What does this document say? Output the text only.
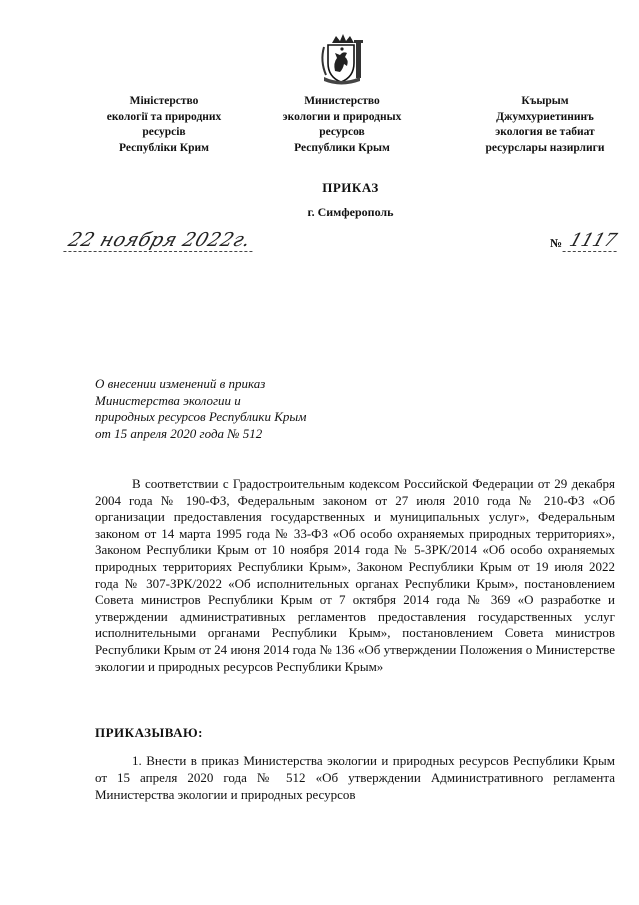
Міністерство
екології та природних
ресурсів
Республіки Крим
Министерство
экологии и природных
ресурсов
Республики Крым
Къырым
Джумхуриетининъ
экология ве табиат
ресурслары назирлиги
ПРИКАЗ
г. Симферополь
22 ноября 2022г.	№ 1117
О внесении изменений в приказ
Министерства экологии и
природных ресурсов Республики Крым
от 15 апреля 2020 года № 512

В соответствии с Градостроительным кодексом Российской Федерации от 29 декабря 2004 года № 190-ФЗ, Федеральным законом от 27 июля 2010 года № 210-ФЗ «Об организации предоставления государственных и муниципальных услуг», Федеральным законом от 14 марта 1995 года № 33-ФЗ «Об особо охраняемых природных территориях», Законом Республики Крым от 10 ноября 2014 года № 5-ЗРК/2014 «Об особо охраняемых природных территориях Республики Крым», Законом Республики Крым от 19 июля 2022 года № 307-ЗРК/2022 «Об исполнительных органах Республики Крым», постановлением Совета министров Республики Крым от 7 октября 2014 года № 369 «О разработке и утверждении административных регламентов предоставления государственных услуг исполнительными органами Республики Крым», постановлением Совета министров Республики Крым от 24 июня 2014 года № 136 «Об утверждении Положения о Министерстве экологии и природных ресурсов Республики Крым»

ПРИКАЗЫВАЮ:

1. Внести в приказ Министерства экологии и природных ресурсов Республики Крым от 15 апреля 2020 года № 512 «Об утверждении Административного регламента Министерства экологии и природных ресурсов
